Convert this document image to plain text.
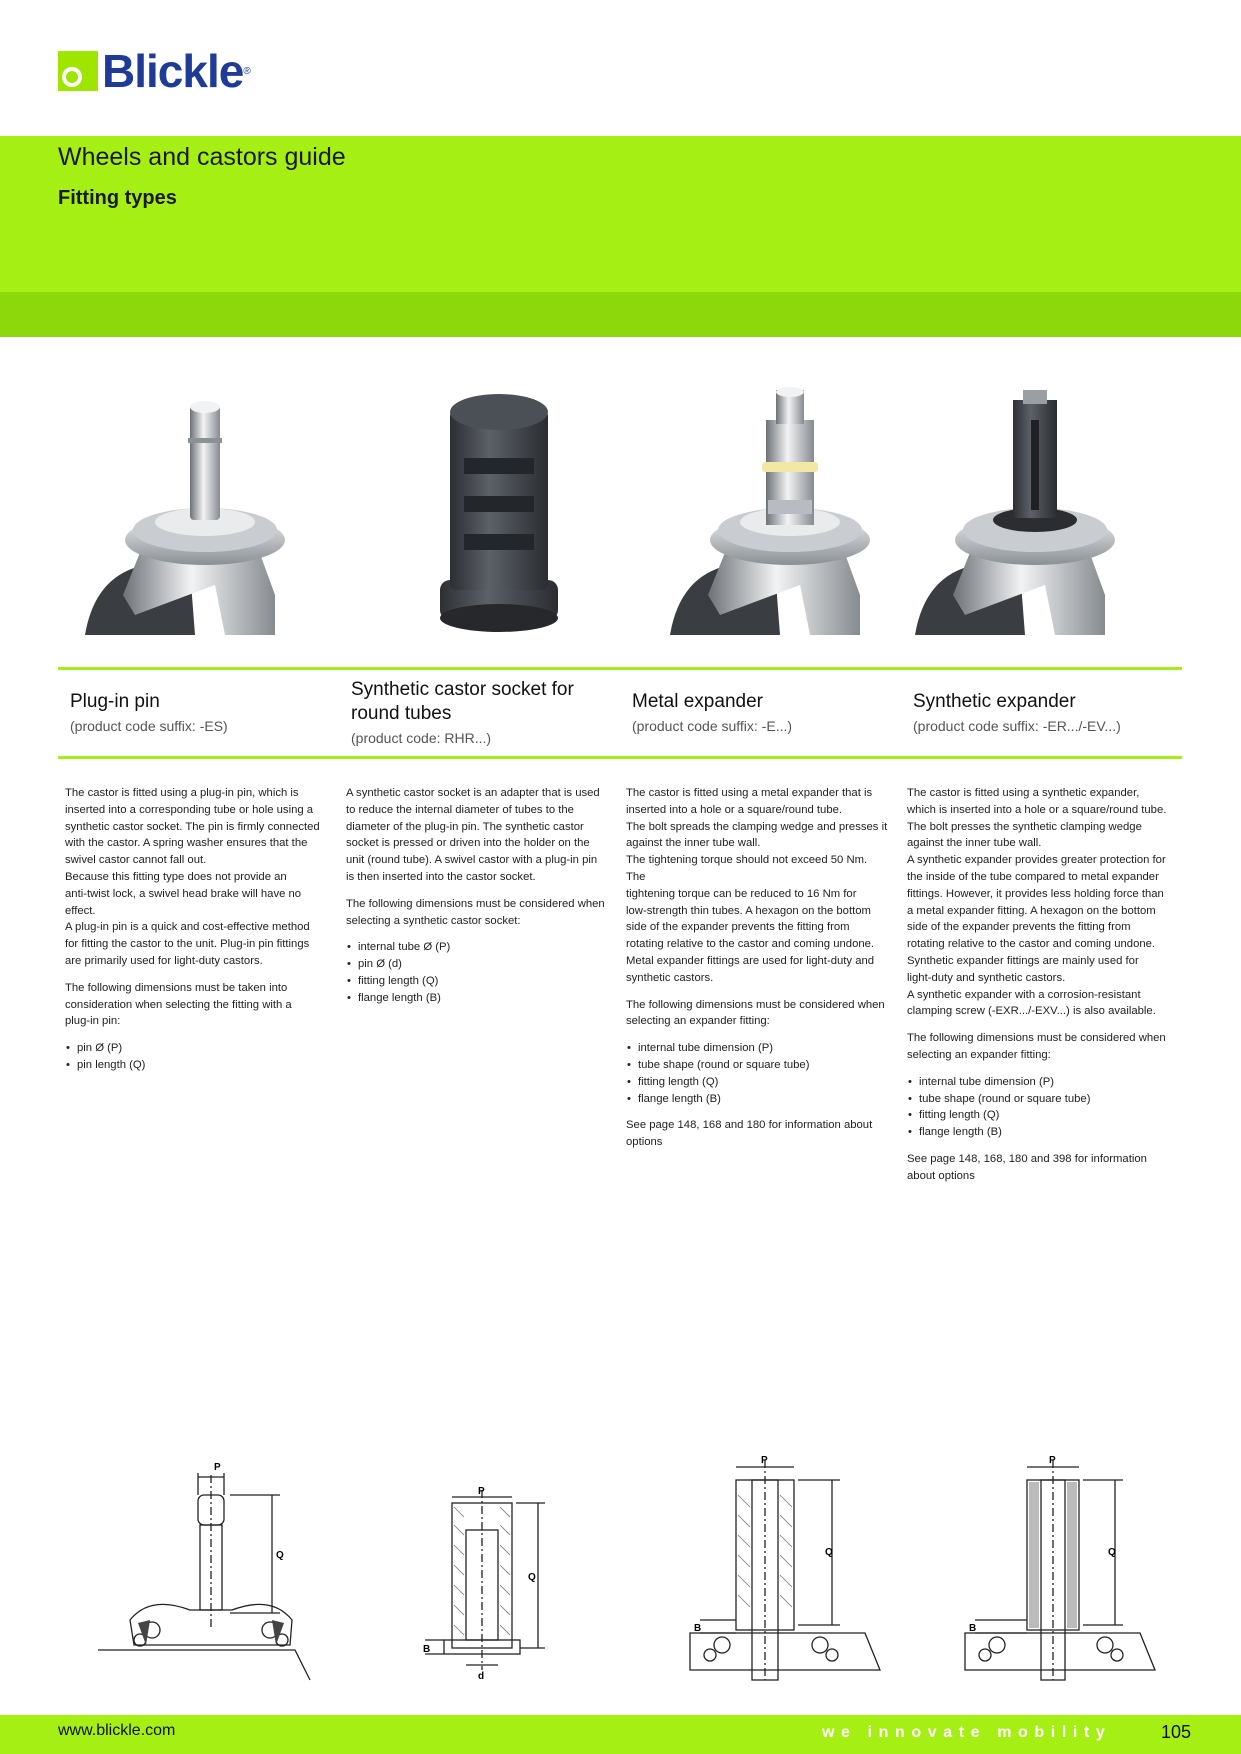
Blickle ®
Wheels and castors guide
Fitting types
Plug-in pin
(product code suffix: -ES)
Synthetic castor socket for round tubes
(product code: RHR...)
Metal expander
(product code suffix: -E...)
Synthetic expander
(product code suffix: -ER.../-EV...)

The castor is fitted using a plug-in pin, which is
inserted into a corresponding tube or hole using a
synthetic castor socket. The pin is firmly connected
with the castor. A spring washer ensures that the
swivel castor cannot fall out.
Because this fitting type does not provide an
anti-twist lock, a swivel head brake will have no
effect.
A plug-in pin is a quick and cost-effective method
for fitting the castor to the unit. Plug-in pin fittings
are primarily used for light-duty castors.

The following dimensions must be taken into
consideration when selecting the fitting with a
plug-in pin:

• pin Ø (P)
• pin length (Q)

A synthetic castor socket is an adapter that is used
to reduce the internal diameter of tubes to the
diameter of the plug-in pin. The synthetic castor
socket is pressed or driven into the holder on the
unit (round tube). A swivel castor with a plug-in pin
is then inserted into the castor socket.

The following dimensions must be considered when
selecting a synthetic castor socket:

• internal tube Ø (P)
• pin Ø (d)
• fitting length (Q)
• flange length (B)

The castor is fitted using a metal expander that is
inserted into a hole or a square/round tube.
The bolt spreads the clamping wedge and presses it
against the inner tube wall.
The tightening torque should not exceed 50 Nm. The
tightening torque can be reduced to 16 Nm for
low-strength thin tubes. A hexagon on the bottom
side of the expander prevents the fitting from
rotating relative to the castor and coming undone.
Metal expander fittings are used for light-duty and
synthetic castors.

The following dimensions must be considered when
selecting an expander fitting:

• internal tube dimension (P)
• tube shape (round or square tube)
• fitting length (Q)
• flange length (B)

See page 148, 168 and 180 for information about
options

The castor is fitted using a synthetic expander,
which is inserted into a hole or a square/round tube.
The bolt presses the synthetic clamping wedge
against the inner tube wall.
A synthetic expander provides greater protection for
the inside of the tube compared to metal expander
fittings. However, it provides less holding force than
a metal expander fitting. A hexagon on the bottom
side of the expander prevents the fitting from
rotating relative to the castor and coming undone.
Synthetic expander fittings are mainly used for
light-duty and synthetic castors.
A synthetic expander with a corrosion-resistant
clamping screw (-EXR.../-EXV...) is also available.

The following dimensions must be considered when
selecting an expander fitting:

• internal tube dimension (P)
• tube shape (round or square tube)
• fitting length (Q)
• flange length (B)

See page 148, 168, 180 and 398 for information
about options

P
Q
P
Q
B
d
P
Q
B
P
Q
B
www.blickle.com	we innovate mobility	105
